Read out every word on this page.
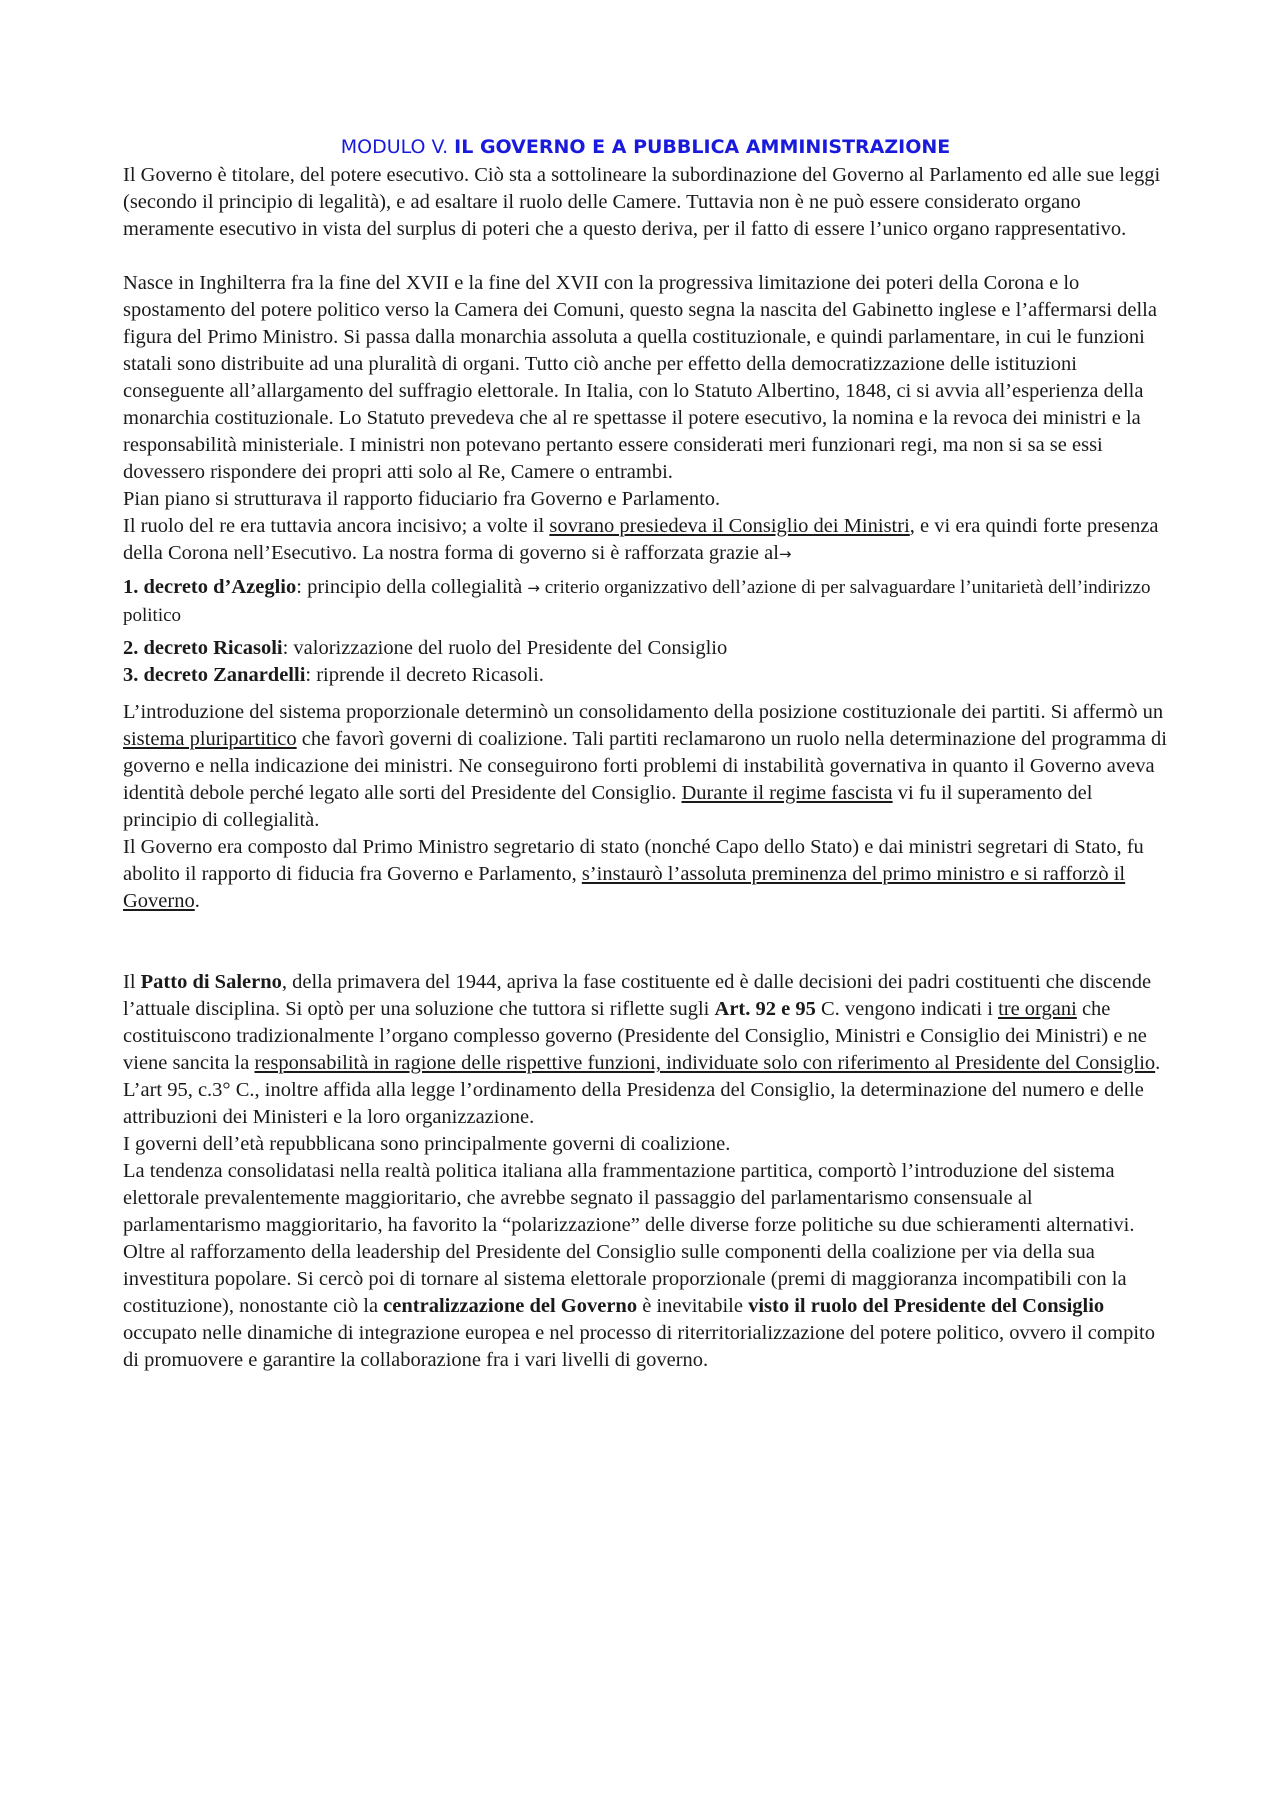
MODULO V. IL GOVERNO E A PUBBLICA AMMINISTRAZIONE

Il Governo è titolare, del potere esecutivo. Ciò sta a sottolineare la subordinazione del Governo al Parlamento ed alle sue leggi (secondo il principio di legalità), e ad esaltare il ruolo delle Camere. Tuttavia non è ne può essere considerato organo meramente esecutivo in vista del surplus di poteri che a questo deriva, per il fatto di essere l’unico organo rappresentativo.

Nasce in Inghilterra fra la fine del XVII e la fine del XVII con la progressiva limitazione dei poteri della Corona e lo spostamento del potere politico verso la Camera dei Comuni, questo segna la nascita del Gabinetto inglese e l’affermarsi della figura del Primo Ministro. Si passa dalla monarchia assoluta a quella costituzionale, e quindi parlamentare, in cui le funzioni statali sono distribuite ad una pluralità di organi. Tutto ciò anche per effetto della democratizzazione delle istituzioni conseguente all’allargamento del suffragio elettorale. In Italia, con lo Statuto Albertino, 1848, ci si avvia all’esperienza della monarchia costituzionale. Lo Statuto prevedeva che al re spettasse il potere esecutivo, la nomina e la revoca dei ministri e la responsabilità ministeriale. I ministri non potevano pertanto essere considerati meri funzionari regi, ma non si sa se essi dovessero rispondere dei propri atti solo al Re, Camere o entrambi.

Pian piano si strutturava il rapporto fiduciario fra Governo e Parlamento.

Il ruolo del re era tuttavia ancora incisivo; a volte il sovrano presiedeva il Consiglio dei Ministri, e vi era quindi forte presenza della Corona nell’Esecutivo. La nostra forma di governo si è rafforzata grazie al→

1. decreto d’Azeglio: principio della collegialità → criterio organizzativo dell’azione di per salvaguardare l’unitarietà dell’indirizzo politico

2. decreto Ricasoli: valorizzazione del ruolo del Presidente del Consiglio

3. decreto Zanardelli: riprende il decreto Ricasoli.

L’introduzione del sistema proporzionale determinò un consolidamento della posizione costituzionale dei partiti. Si affermò un sistema pluripartitico che favorì governi di coalizione. Tali partiti reclamarono un ruolo nella determinazione del programma di governo e nella indicazione dei ministri. Ne conseguirono forti problemi di instabilità governativa in quanto il Governo aveva identità debole perché legato alle sorti del Presidente del Consiglio. Durante il regime fascista vi fu il superamento del principio di collegialità.

Il Governo era composto dal Primo Ministro segretario di stato (nonché Capo dello Stato) e dai ministri segretari di Stato, fu abolito il rapporto di fiducia fra Governo e Parlamento, s’instaurò l’assoluta preminenza del primo ministro e si rafforzò il Governo.

Il Patto di Salerno, della primavera del 1944, apriva la fase costituente ed è dalle decisioni dei padri costituenti che discende l’attuale disciplina. Si optò per una soluzione che tuttora si riflette sugli Art. 92 e 95 C. vengono indicati i tre organi che costituiscono tradizionalmente l’organo complesso governo (Presidente del Consiglio, Ministri e Consiglio dei Ministri) e ne viene sancita la responsabilità in ragione delle rispettive funzioni, individuate solo con riferimento al Presidente del Consiglio.

L’art 95, c.3° C., inoltre affida alla legge l’ordinamento della Presidenza del Consiglio, la determinazione del numero e delle attribuzioni dei Ministeri e la loro organizzazione.

I governi dell’età repubblicana sono principalmente governi di coalizione.

La tendenza consolidatasi nella realtà politica italiana alla frammentazione partitica, comportò l’introduzione del sistema elettorale prevalentemente maggioritario, che avrebbe segnato il passaggio del parlamentarismo consensuale al parlamentarismo maggioritario, ha favorito la “polarizzazione” delle diverse forze politiche su due schieramenti alternativi. Oltre al rafforzamento della leadership del Presidente del Consiglio sulle componenti della coalizione per via della sua investitura popolare. Si cercò poi di tornare al sistema elettorale proporzionale (premi di maggioranza incompatibili con la costituzione), nonostante ciò la centralizzazione del Governo è inevitabile visto il ruolo del Presidente del Consiglio occupato nelle dinamiche di integrazione europea e nel processo di riterritorializzazione del potere politico, ovvero il compito di promuovere e garantire la collaborazione fra i vari livelli di governo.
